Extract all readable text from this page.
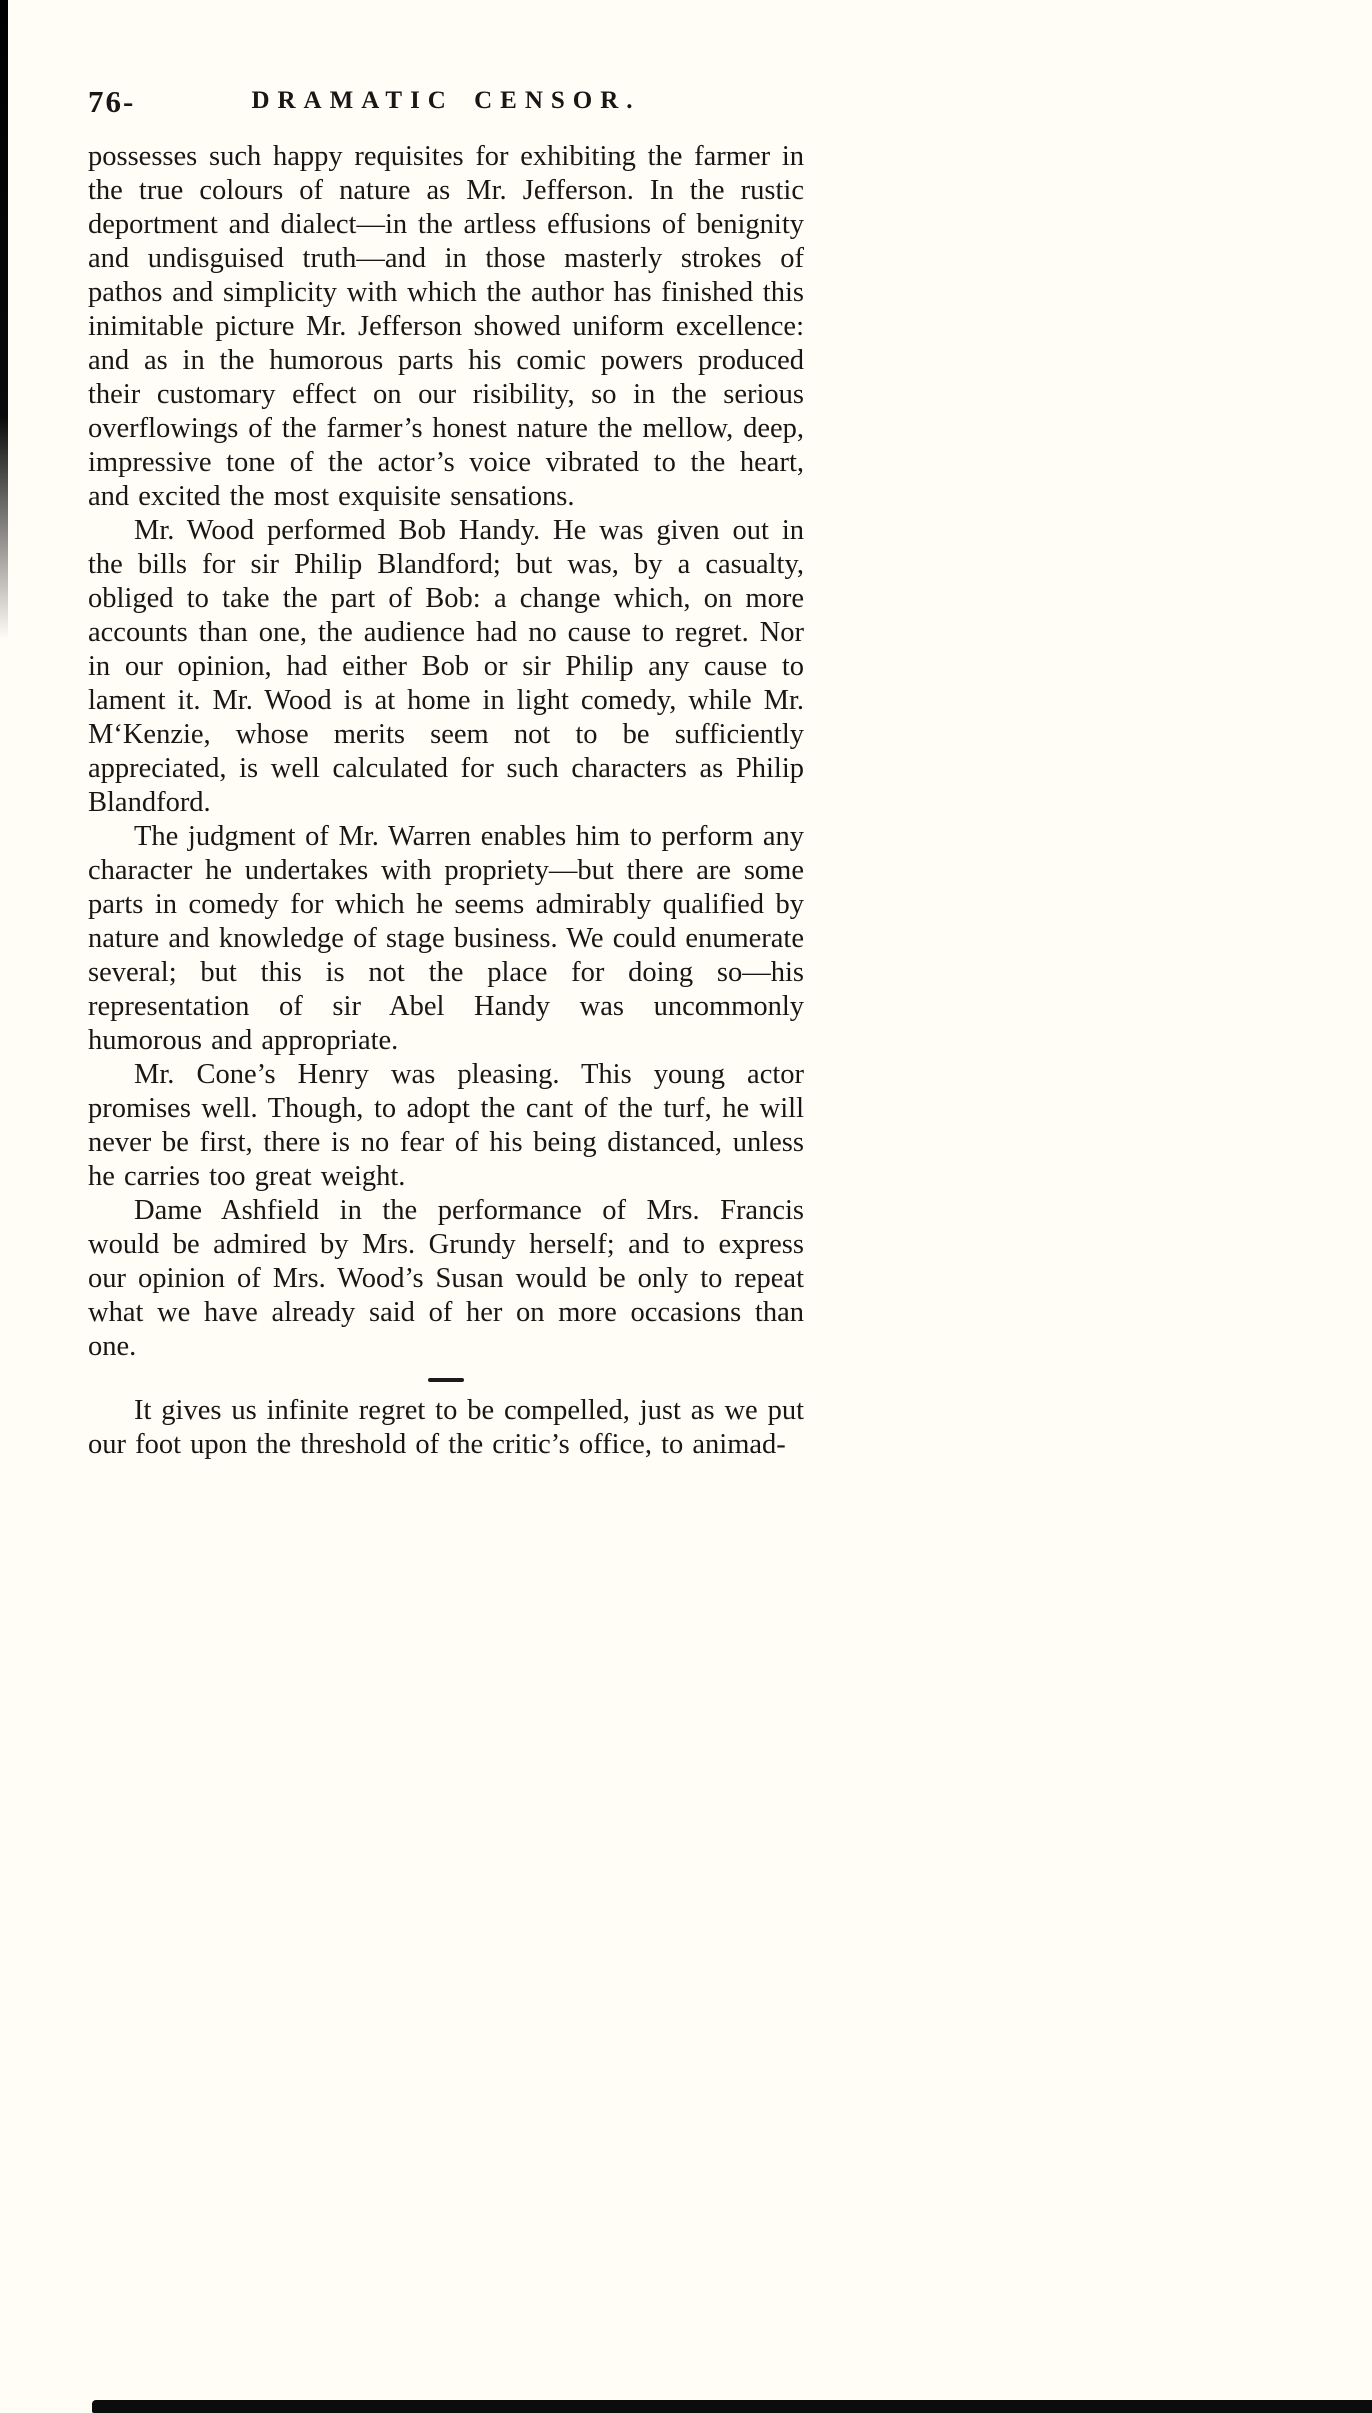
76-	DRAMATIC CENSOR.

possesses such happy requisites for exhibiting the farmer in the true colours of nature as Mr. Jefferson. In the rustic deportment and dialect—in the artless effusions of benignity and undisguised truth—and in those masterly strokes of pathos and simplicity with which the author has finished this inimitable picture Mr. Jefferson showed uniform excellence: and as in the humorous parts his comic powers produced their customary effect on our risibility, so in the serious overflowings of the farmer’s honest nature the mellow, deep, impressive tone of the actor’s voice vibrated to the heart, and excited the most exquisite sensations.

Mr. Wood performed Bob Handy. He was given out in the bills for sir Philip Blandford; but was, by a casualty, obliged to take the part of Bob: a change which, on more accounts than one, the audience had no cause to regret. Nor in our opinion, had either Bob or sir Philip any cause to lament it. Mr. Wood is at home in light comedy, while Mr. M‘Kenzie, whose merits seem not to be sufficiently appreciated, is well calculated for such characters as Philip Blandford.

The judgment of Mr. Warren enables him to perform any character he undertakes with propriety—but there are some parts in comedy for which he seems admirably qualified by nature and knowledge of stage business. We could enumerate several; but this is not the place for doing so—his representation of sir Abel Handy was uncommonly humorous and appropriate.

Mr. Cone’s Henry was pleasing. This young actor promises well. Though, to adopt the cant of the turf, he will never be first, there is no fear of his being distanced, unless he carries too great weight.

Dame Ashfield in the performance of Mrs. Francis would be admired by Mrs. Grundy herself; and to express our opinion of Mrs. Wood’s Susan would be only to repeat what we have already said of her on more occasions than one.

It gives us infinite regret to be compelled, just as we put our foot upon the threshold of the critic’s office, to animad-
